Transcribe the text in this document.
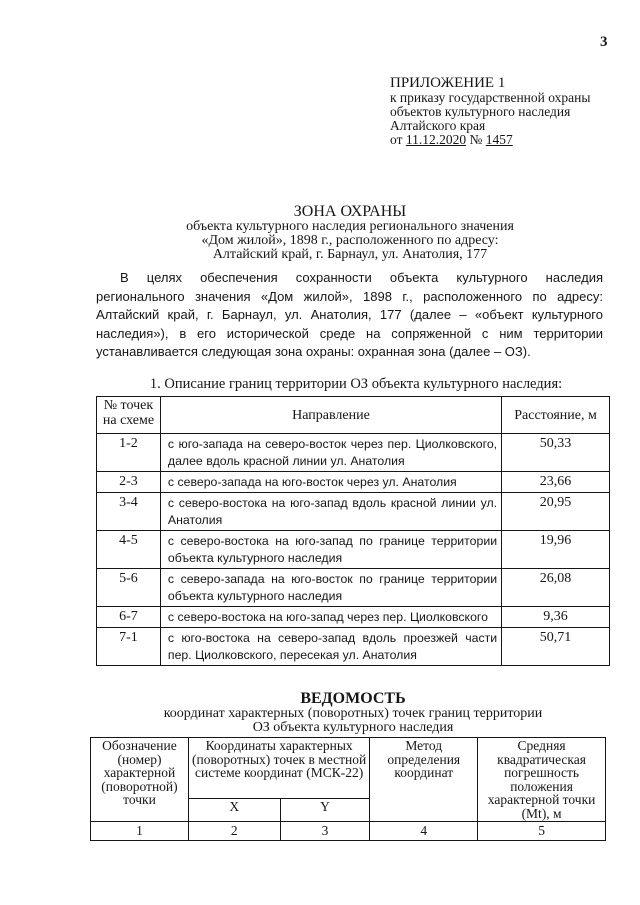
3
ПРИЛОЖЕНИЕ 1
к приказу государственной охраны
объектов культурного наследия
Алтайского края
от 11.12.2020 № 1457
ЗОНА ОХРАНЫ
объекта культурного наследия регионального значения
«Дом жилой», 1898 г., расположенного по адресу:
Алтайский край, г. Барнаул, ул. Анатолия, 177

В целях обеспечения сохранности объекта культурного наследия регионального значения «Дом жилой», 1898 г., расположенного по адресу: Алтайский край, г. Барнаул, ул. Анатолия, 177 (далее – «объект культурного наследия»), в его исторической среде на сопряженной с ним территории устанавливается следующая зона охраны: охранная зона (далее – ОЗ).

1. Описание границ территории ОЗ объекта культурного наследия:
№ точек на схеме	Направление	Расстояние, м
1-2	с юго-запада на северо-восток через пер. Циолковского, далее вдоль красной линии ул. Анатолия	50,33
2-3	с северо-запада на юго-восток через ул. Анатолия	23,66
3-4	с северо-востока на юго-запад вдоль красной линии ул. Анатолия	20,95
4-5	с северо-востока на юго-запад по границе территории объекта культурного наследия	19,96
5-6	с северо-запада на юго-восток по границе территории объекта культурного наследия	26,08
6-7	с северо-востока на юго-запад через пер. Циолковского	9,36
7-1	с юго-востока на северо-запад вдоль проезжей части пер. Циолковского, пересекая ул. Анатолия	50,71
ВЕДОМОСТЬ
координат характерных (поворотных) точек границ территории
ОЗ объекта культурного наследия
Обозначение (номер) характерной (поворотной) точки	Координаты характерных (поворотных) точек в местной системе координат (МСК-22)		Метод определения координат	Средняя квадратическая погрешность положения характерной точки (Mt), м
	X	Y		
1	2	3	4	5
